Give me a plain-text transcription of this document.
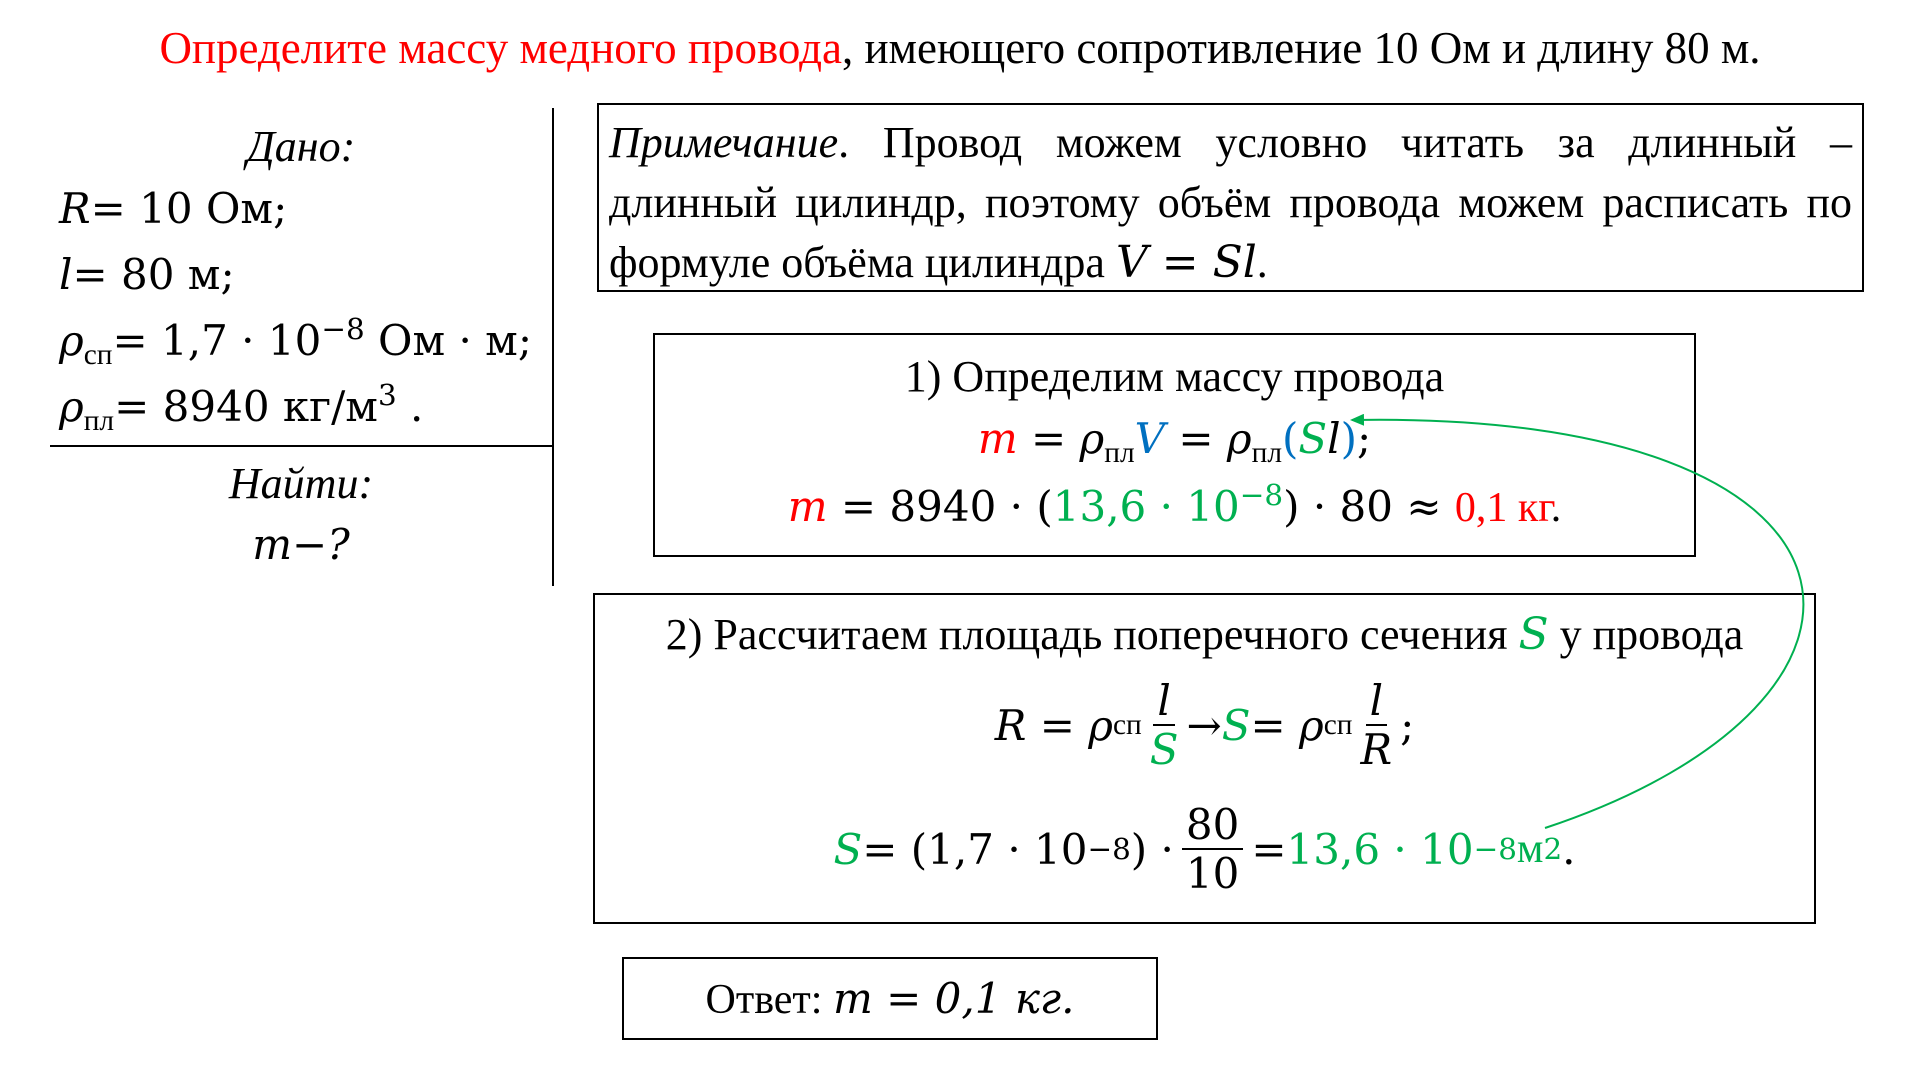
Определите массу медного провода, имеющего сопротивление 10 Ом и длину 80 м.
Дано:
R= 10 Ом;
l= 80 м;
$\rho_{сп}= 1,7 \cdot 10^{-8}$ Ом · м;
$\rho_{пл}= 8940$ $кг/м^3$ .
Найти:
m−?
Примечание. Провод можем условно читать за длинный – длинный цилиндр, поэтому объём провода можем расписать по формуле объёма цилиндра V = Sl.
1) Определим массу провода
$m = \rho_{пл}V = \rho_{пл}(Sl)$;
$m = 8940 \cdot (13,6 \cdot 10^{-8}) \cdot 80 \approx 0,1$ кг.
2) Рассчитаем площадь поперечного сечения S у провода
R = ρ сп $\frac{l}{S} \to S = \rho$ сп $\frac{l}{R}$ ;
S = (1,7 · 10 −8 ) · $\frac{80}{10} = 13,6 \cdot 10 -8$ м 2 .
Ответ: m = 0,1 кг.
